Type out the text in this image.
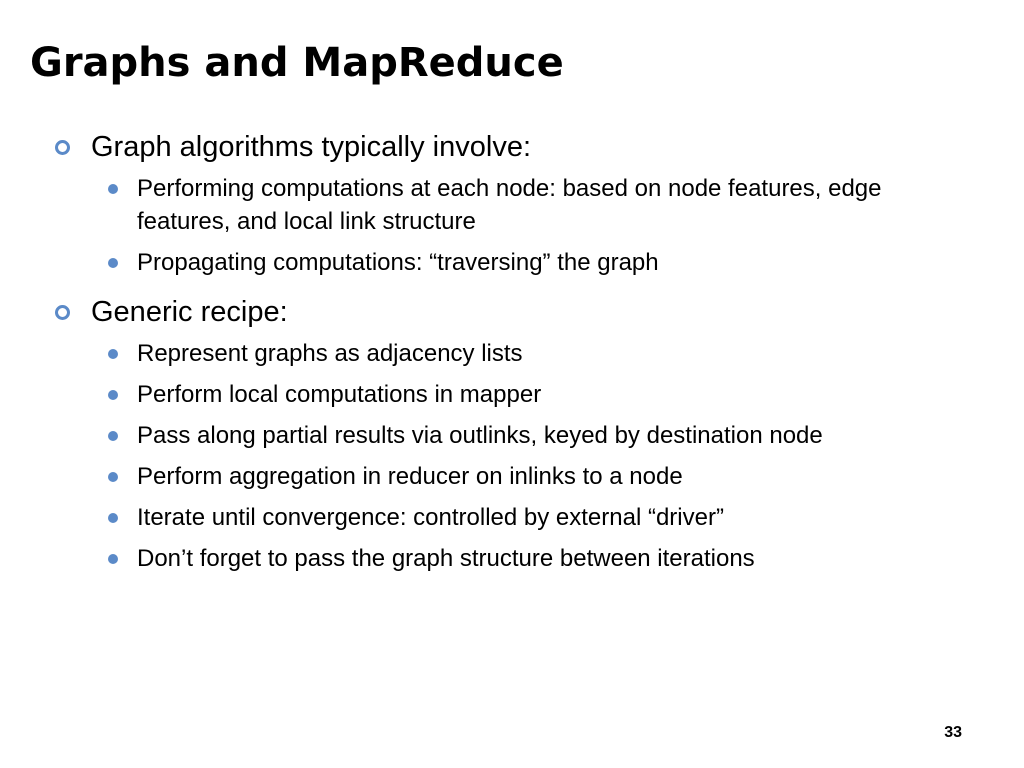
Graphs and MapReduce
Graph algorithms typically involve:
Performing computations at each node: based on node features, edge features, and local link structure
Propagating computations: “traversing” the graph
Generic recipe:
Represent graphs as adjacency lists
Perform local computations in mapper
Pass along partial results via outlinks, keyed by destination node
Perform aggregation in reducer on inlinks to a node
Iterate until convergence: controlled by external “driver”
Don’t forget to pass the graph structure between iterations
33
